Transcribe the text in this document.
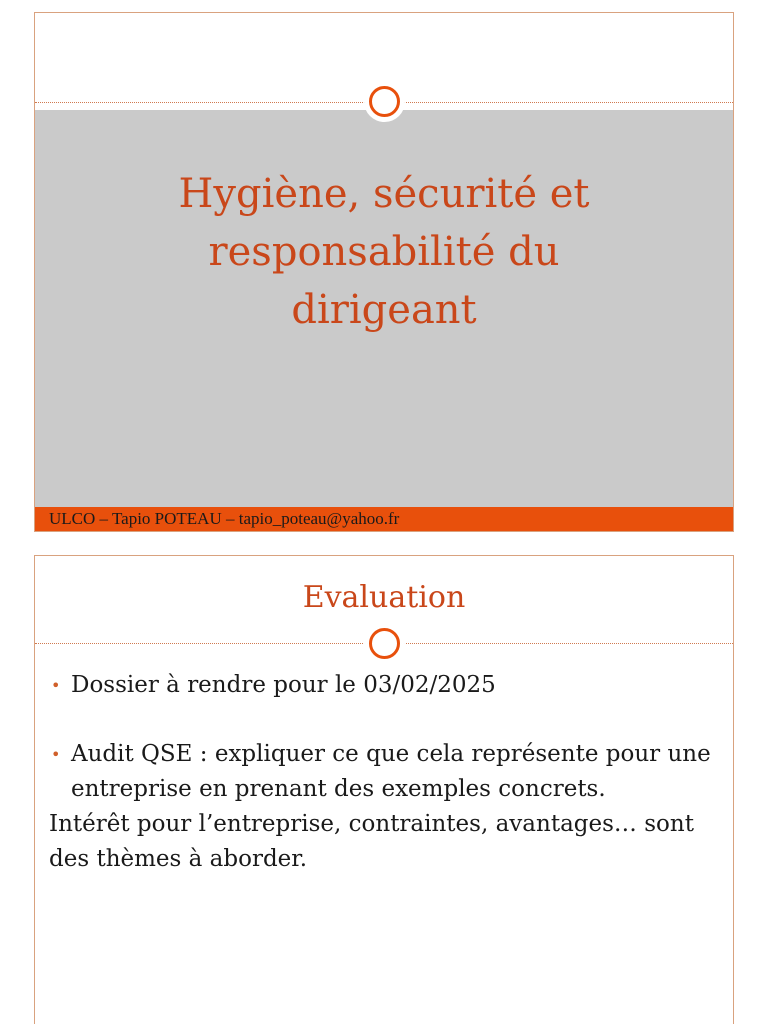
Hygiène, sécurité et responsabilité du dirigeant
ULCO – Tapio POTEAU – tapio_poteau@yahoo.fr
Evaluation
• Dossier à rendre pour le 03/02/2025
• Audit QSE : expliquer ce que cela représente pour une entreprise en prenant des exemples concrets.
Intérêt pour l’entreprise, contraintes, avantages… sont des thèmes à aborder.
